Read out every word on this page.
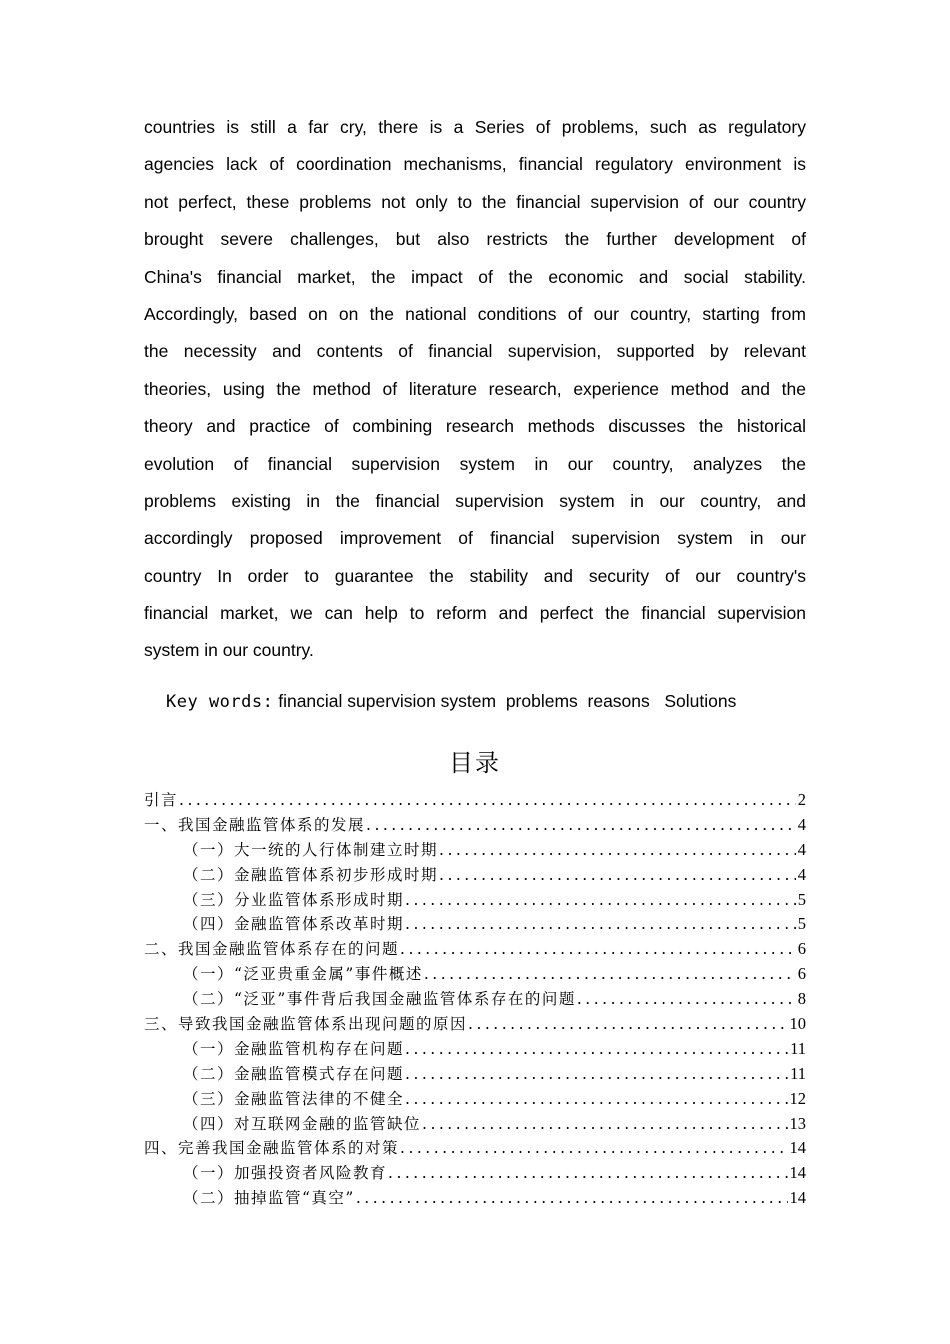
countries is still a far cry, there is a Series of problems, such as regulatory
agencies lack of coordination mechanisms, financial regulatory environment is
not perfect, these problems not only to the financial supervision of our country
brought severe challenges, but also restricts the further development of
China's financial market, the impact of the economic and social stability.
Accordingly, based on on the national conditions of our country, starting from
the necessity and contents of financial supervision, supported by relevant
theories, using the method of literature research, experience method and the
theory and practice of combining research methods discusses the historical
evolution of financial supervision system in our country, analyzes the
problems existing in the financial supervision system in our country, and
accordingly proposed improvement of financial supervision system in our
country In order to guarantee the stability and security of our country's
financial market, we can help to reform and perfect the financial supervision
system in our country.
Key words: financial supervision system  problems  reasons   Solutions
目录
引言 .....	2
一、我国金融监管体系的发展 .....	4
（一）大一统的人行体制建立时期 .....	4
（二）金融监管体系初步形成时期 .....	4
（三）分业监管体系形成时期 .....	5
（四）金融监管体系改革时期 .....	5
二、我国金融监管体系存在的问题 .....	6
（一）“泛亚贵重金属”事件概述 .....	6
（二）“泛亚”事件背后我国金融监管体系存在的问题 .....	8
三、导致我国金融监管体系出现问题的原因 .....	10
（一）金融监管机构存在问题 .....	11
（二）金融监管模式存在问题 .....	11
（三）金融监管法律的不健全 .....	12
（四）对互联网金融的监管缺位 .....	13
四、完善我国金融监管体系的对策 .....	14
（一）加强投资者风险教育 .....	14
（二）抽掉监管“真空” .....	14
